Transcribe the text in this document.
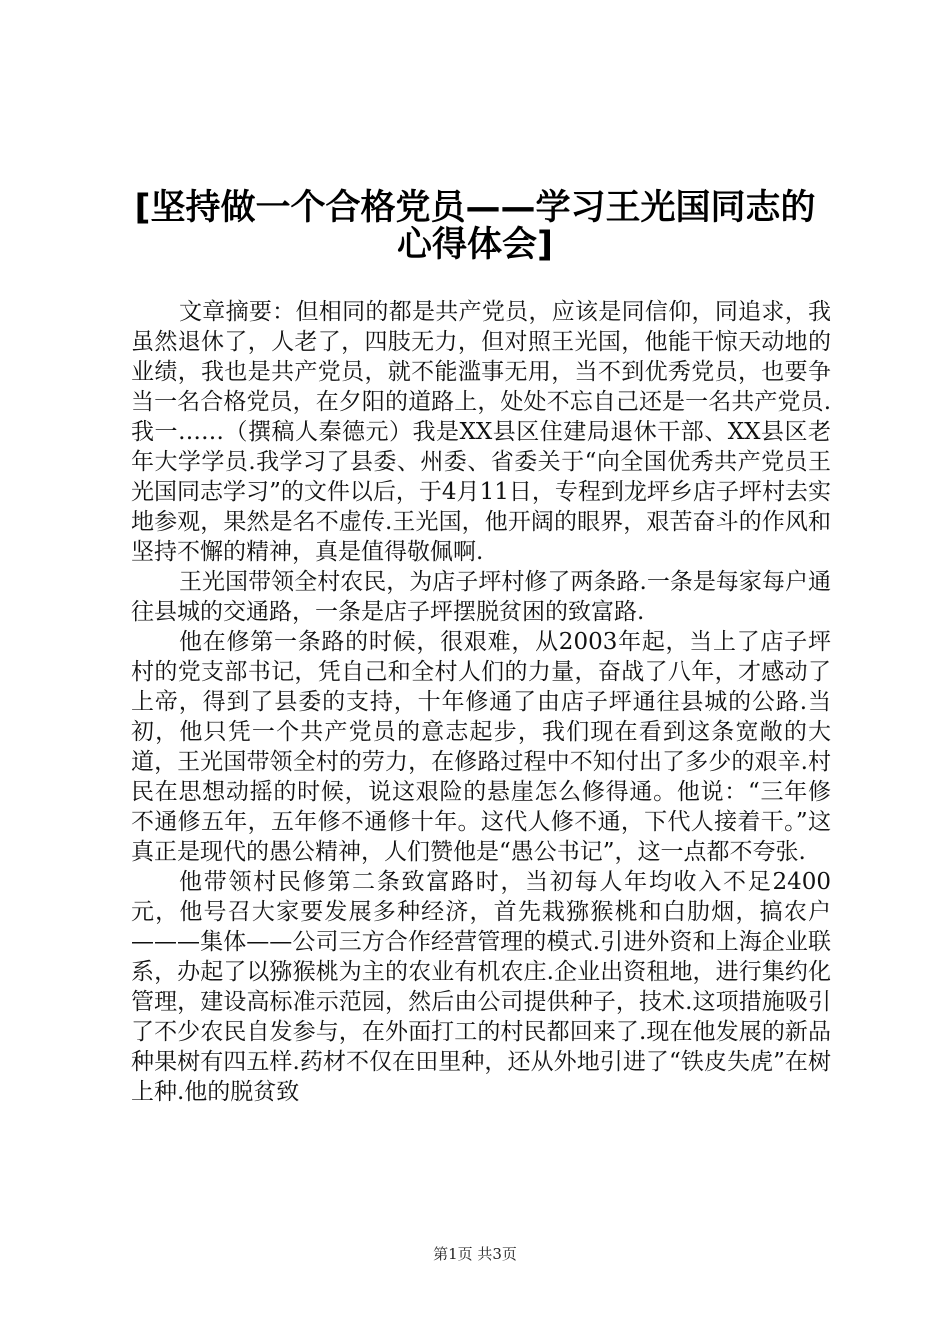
[坚持做一个合格党员——学习王光国同志的
心得体会]

文章摘要：但相同的都是共产党员，应该是同信仰，同追求，我虽然退休了，人老了，四肢无力，但对照王光国，他能干惊天动地的业绩，我也是共产党员，就不能滥事无用，当不到优秀党员，也要争当一名合格党员，在夕阳的道路上，处处不忘自己还是一名共产党员.我一……（撰稿人秦德元）我是XX县区住建局退休干部、XX县区老年大学学员.我学习了县委、州委、省委关于“向全国优秀共产党员王光国同志学习”的文件以后，于4月11日，专程到龙坪乡店子坪村去实地参观，果然是名不虚传.王光国，他开阔的眼界，艰苦奋斗的作风和坚持不懈的精神，真是值得敬佩啊.

王光国带领全村农民，为店子坪村修了两条路.一条是每家每户通往县城的交通路，一条是店子坪摆脱贫困的致富路.

他在修第一条路的时候，很艰难，从2003年起，当上了店子坪村的党支部书记，凭自己和全村人们的力量，奋战了八年，才感动了上帝，得到了县委的支持，十年修通了由店子坪通往县城的公路.当初，他只凭一个共产党员的意志起步，我们现在看到这条宽敞的大道，王光国带领全村的劳力，在修路过程中不知付出了多少的艰辛.村民在思想动摇的时候，说这艰险的悬崖怎么修得通。他说：“三年修不通修五年，五年修不通修十年。这代人修不通，下代人接着干。”这真正是现代的愚公精神，人们赞他是“愚公书记”，这一点都不夸张.

他带领村民修第二条致富路时，当初每人年均收入不足2400元，他号召大家要发展多种经济，首先栽猕猴桃和白肋烟，搞农户———集体——公司三方合作经营管理的模式.引进外资和上海企业联系，办起了以猕猴桃为主的农业有机农庄.企业出资租地，进行集约化管理，建设高标准示范园，然后由公司提供种子，技术.这项措施吸引了不少农民自发参与，在外面打工的村民都回来了.现在他发展的新品种果树有四五样.药材不仅在田里种，还从外地引进了“铁皮失虎”在树上种.他的脱贫致

第1页 共3页
